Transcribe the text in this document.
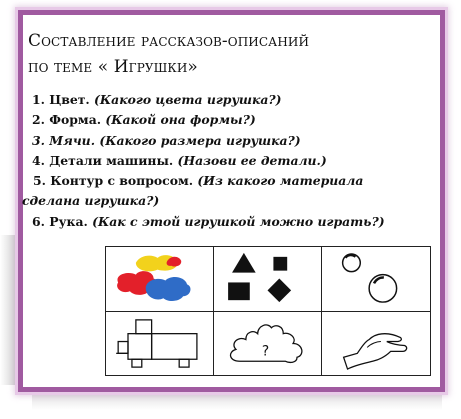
Составление рассказов-описаний
по теме « Игрушки»
1. Цвет. (Какого цвета игрушка?)
2. Форма. (Какой она формы?)
3. Мячи. (Какого размера игрушка?)
4. Детали машины. (Назови ее детали.)
5. Контур с вопросом. (Из какого материала
сделана игрушка?)
6. Рука. (Как с этой игрушкой можно играть?)
?
